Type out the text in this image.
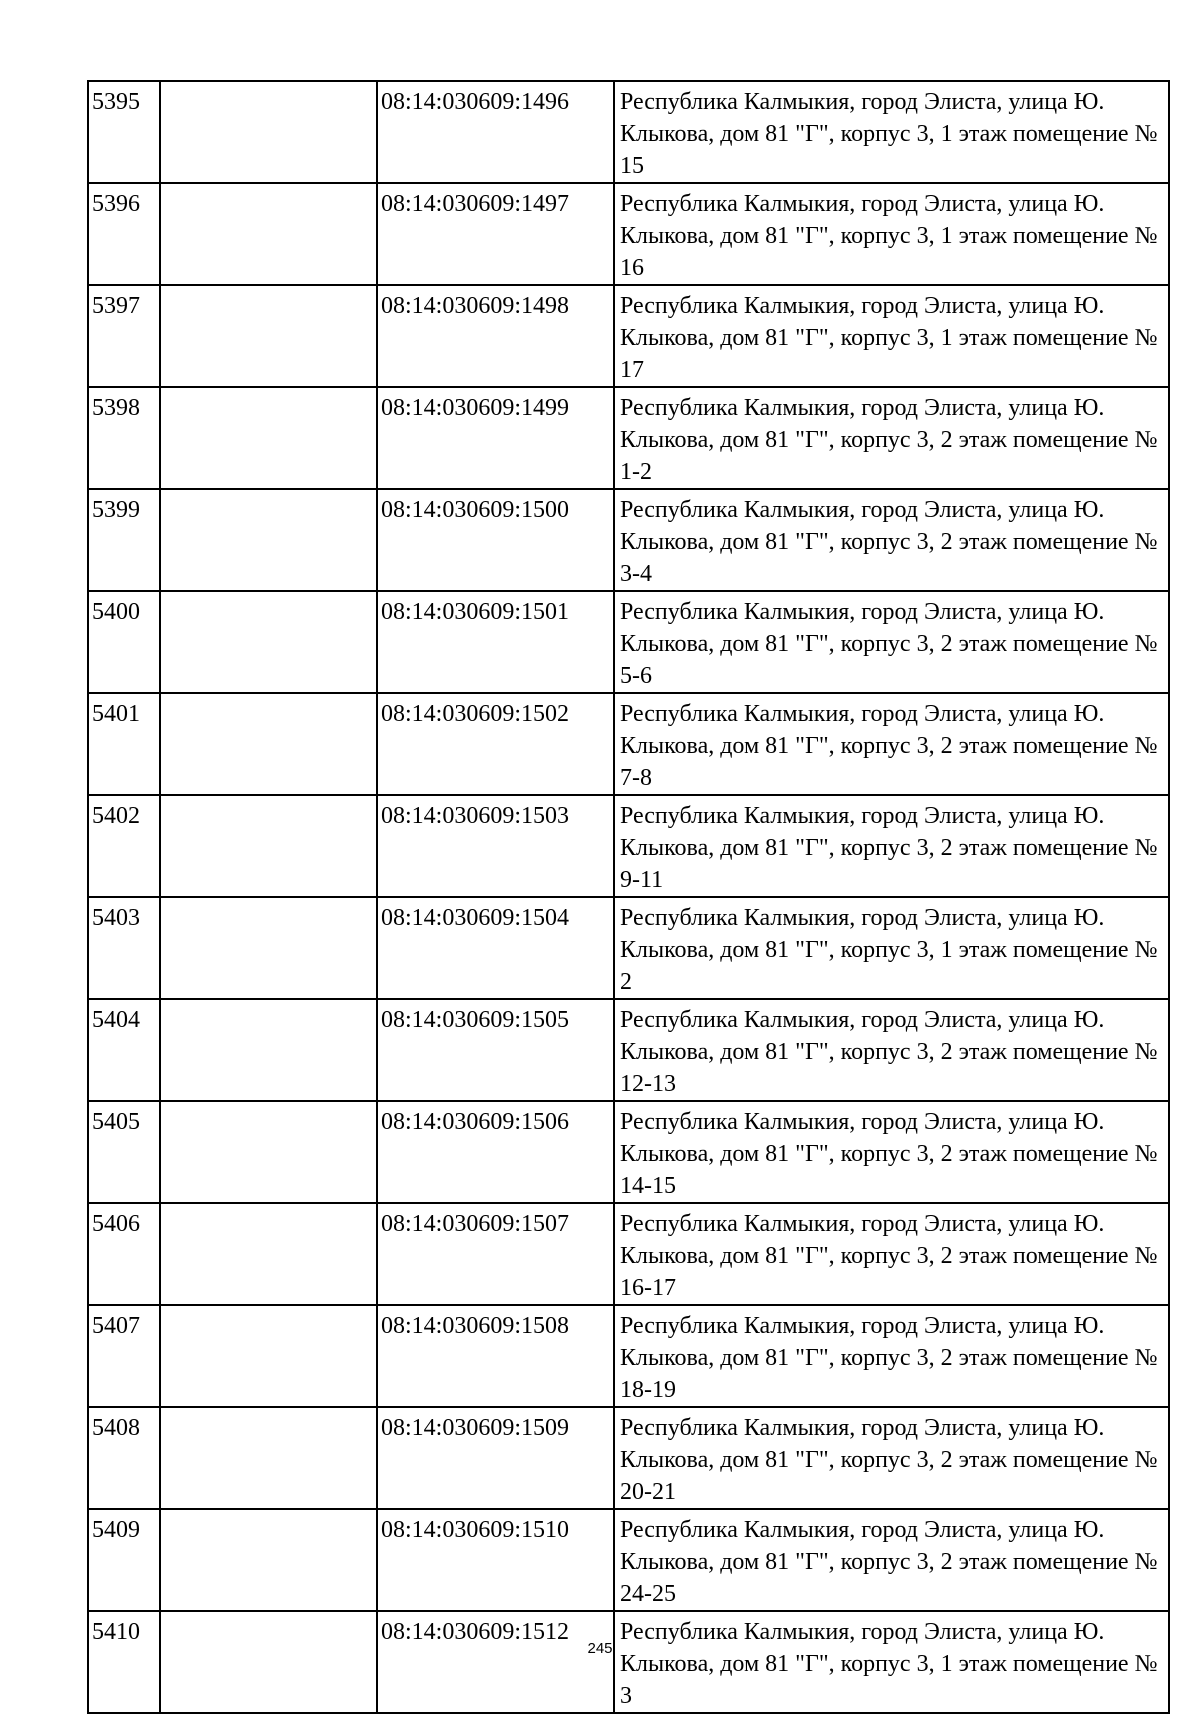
5395		08:14:030609:1496	Республика Калмыкия, город Элиста, улица Ю. Клыкова, дом 81 "Г", корпус 3, 1 этаж помещение № 15
5396		08:14:030609:1497	Республика Калмыкия, город Элиста, улица Ю. Клыкова, дом 81 "Г", корпус 3, 1 этаж помещение № 16
5397		08:14:030609:1498	Республика Калмыкия, город Элиста, улица Ю. Клыкова, дом 81 "Г", корпус 3, 1 этаж помещение № 17
5398		08:14:030609:1499	Республика Калмыкия, город Элиста, улица Ю. Клыкова, дом 81 "Г", корпус 3, 2 этаж помещение № 1-2
5399		08:14:030609:1500	Республика Калмыкия, город Элиста, улица Ю. Клыкова, дом 81 "Г", корпус 3, 2 этаж помещение № 3-4
5400		08:14:030609:1501	Республика Калмыкия, город Элиста, улица Ю. Клыкова, дом 81 "Г", корпус 3, 2 этаж помещение № 5-6
5401		08:14:030609:1502	Республика Калмыкия, город Элиста, улица Ю. Клыкова, дом 81 "Г", корпус 3, 2 этаж помещение № 7-8
5402		08:14:030609:1503	Республика Калмыкия, город Элиста, улица Ю. Клыкова, дом 81 "Г", корпус 3, 2 этаж помещение № 9-11
5403		08:14:030609:1504	Республика Калмыкия, город Элиста, улица Ю. Клыкова, дом 81 "Г", корпус 3, 1 этаж помещение № 2
5404		08:14:030609:1505	Республика Калмыкия, город Элиста, улица Ю. Клыкова, дом 81 "Г", корпус 3, 2 этаж помещение № 12-13
5405		08:14:030609:1506	Республика Калмыкия, город Элиста, улица Ю. Клыкова, дом 81 "Г", корпус 3, 2 этаж помещение № 14-15
5406		08:14:030609:1507	Республика Калмыкия, город Элиста, улица Ю. Клыкова, дом 81 "Г", корпус 3, 2 этаж помещение № 16-17
5407		08:14:030609:1508	Республика Калмыкия, город Элиста, улица Ю. Клыкова, дом 81 "Г", корпус 3, 2 этаж помещение № 18-19
5408		08:14:030609:1509	Республика Калмыкия, город Элиста, улица Ю. Клыкова, дом 81 "Г", корпус 3, 2 этаж помещение № 20-21
5409		08:14:030609:1510	Республика Калмыкия, город Элиста, улица Ю. Клыкова, дом 81 "Г", корпус 3, 2 этаж помещение № 24-25
5410		08:14:030609:1512	Республика Калмыкия, город Элиста, улица Ю. Клыкова, дом 81 "Г", корпус 3, 1 этаж помещение № 3
245
